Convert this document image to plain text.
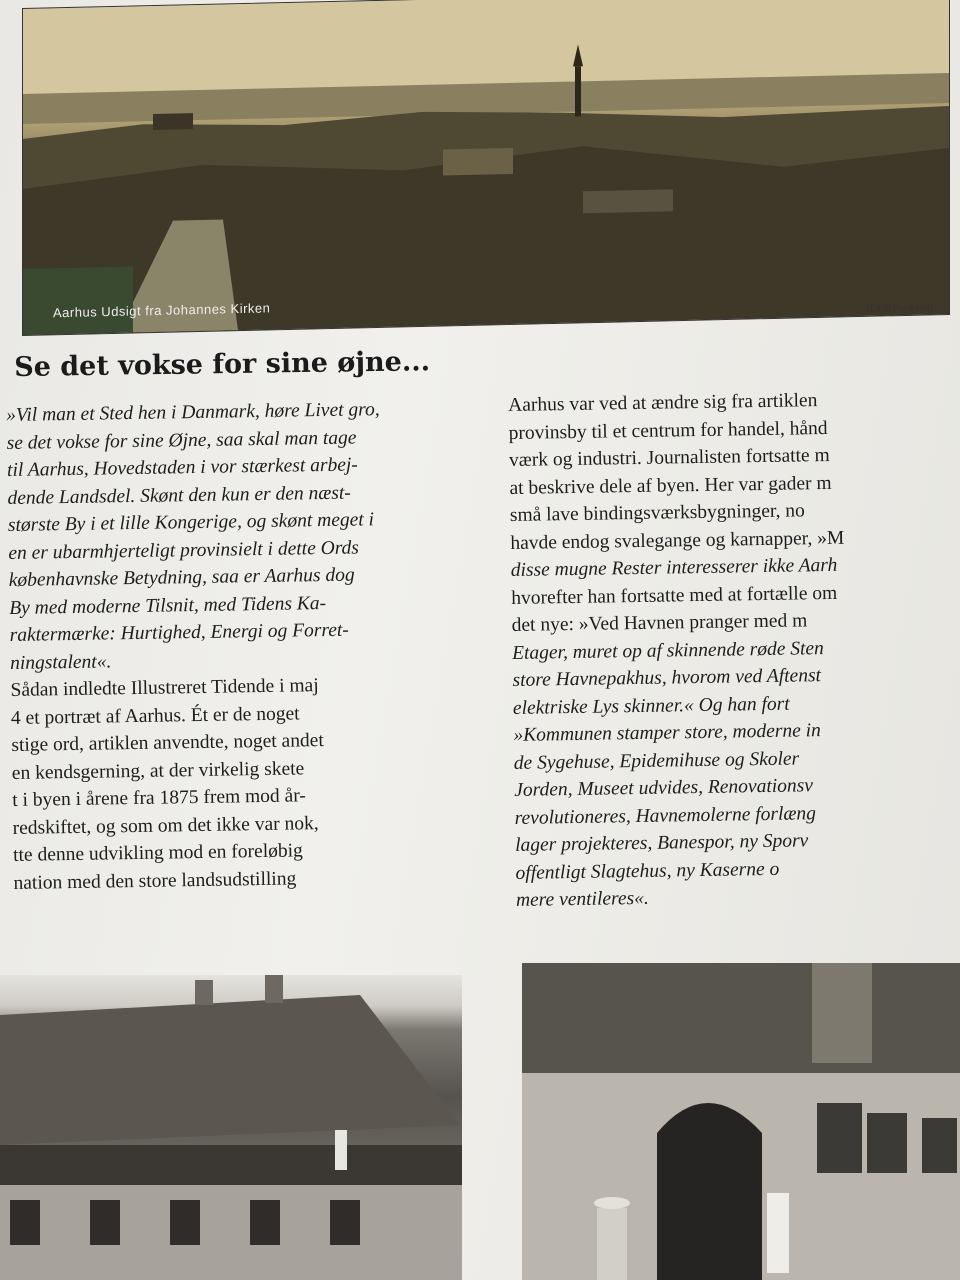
Aarhus Udsigt fra Johannes Kirken	H 436 (beskåret)
Se det vokse for sine øjne...

»Vil man et Sted hen i Danmark, høre Livet gro,

se det vokse for sine Øjne, saa skal man tage

til Aarhus, Hovedstaden i vor stærkest arbej-

dende Landsdel. Skønt den kun er den næst-

største By i et lille Kongerige, og skønt meget i

en er ubarmhjerteligt provinsielt i dette Ords

københavnske Betydning, saa er Aarhus dog

By med moderne Tilsnit, med Tidens Ka-

raktermærke: Hurtighed, Energi og Forret-

ningstalent«.

Sådan indledte Illustreret Tidende i maj

4 et portræt af Aarhus. Ét er de noget

stige ord, artiklen anvendte, noget andet

en kendsgerning, at der virkelig skete

t i byen i årene fra 1875 frem mod år-

redskiftet, og som om det ikke var nok,

tte denne udvikling mod en foreløbig

nation med den store landsudstilling

Aarhus var ved at ændre sig fra artiklen

provinsby til et centrum for handel, hånd

værk og industri. Journalisten fortsatte m

at beskrive dele af byen. Her var gader m

små lave bindingsværksbygninger, no

havde endog svalegange og karnapper, »M

disse mugne Rester interesserer ikke Aarh

hvorefter han fortsatte med at fortælle om

det nye: »Ved Havnen pranger med m

Etager, muret op af skinnende røde Sten

store Havnepakhus, hvorom ved Aftenst

elektriske Lys skinner.« Og han fort

»Kommunen stamper store, moderne in

de Sygehuse, Epidemihuse og Skoler

Jorden, Museet udvides, Renovationsv

revolutioneres, Havnemolerne forlæng

lager projekteres, Banespor, ny Sporv

offentligt Slagtehus, ny Kaserne o

mere ventileres«.
